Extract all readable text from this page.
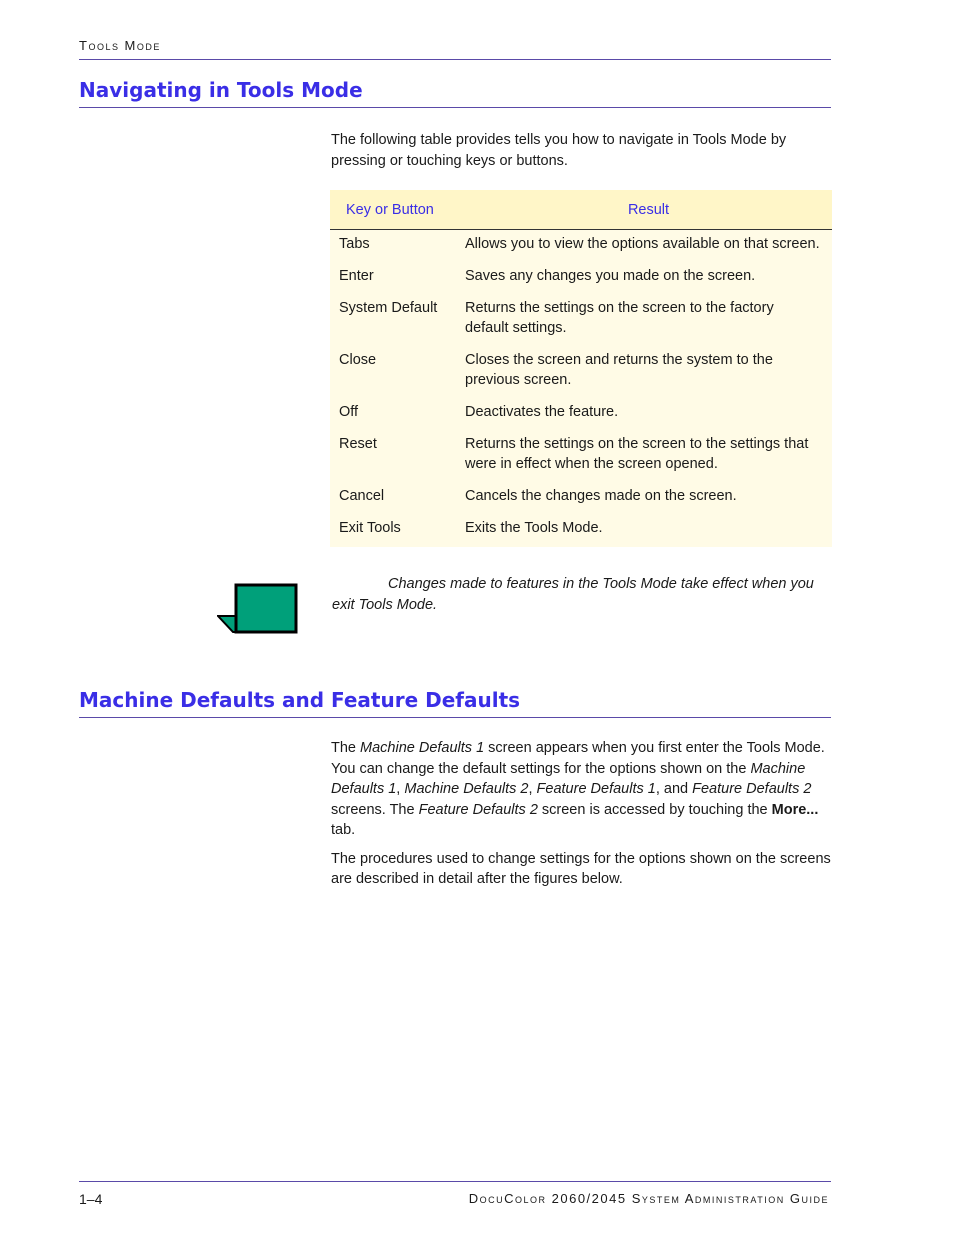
Tools Mode
Navigating in Tools Mode

The following table provides tells you how to navigate in Tools Mode by pressing or touching keys or buttons.

Key or Button	Result
Tabs	Allows you to view the options available on that screen.
Enter	Saves any changes you made on the screen.
System Default	Returns the settings on the screen to the factory default settings.
Close	Closes the screen and returns the system to the previous screen.
Off	Deactivates the feature.
Reset	Returns the settings on the screen to the settings that were in effect when the screen opened.
Cancel	Cancels the changes made on the screen.
Exit Tools	Exits the Tools Mode.
Changes made to features in the Tools Mode take effect when you exit Tools Mode.
Machine Defaults and Feature Defaults

The Machine Defaults 1 screen appears when you first enter the Tools Mode. You can change the default settings for the options shown on the Machine Defaults 1, Machine Defaults 2, Feature Defaults 1, and Feature Defaults 2 screens. The Feature Defaults 2 screen is accessed by touching the More... tab.

The procedures used to change settings for the options shown on the screens are described in detail after the figures below.

1–4	DocuColor 2060/2045 System Administration Guide
